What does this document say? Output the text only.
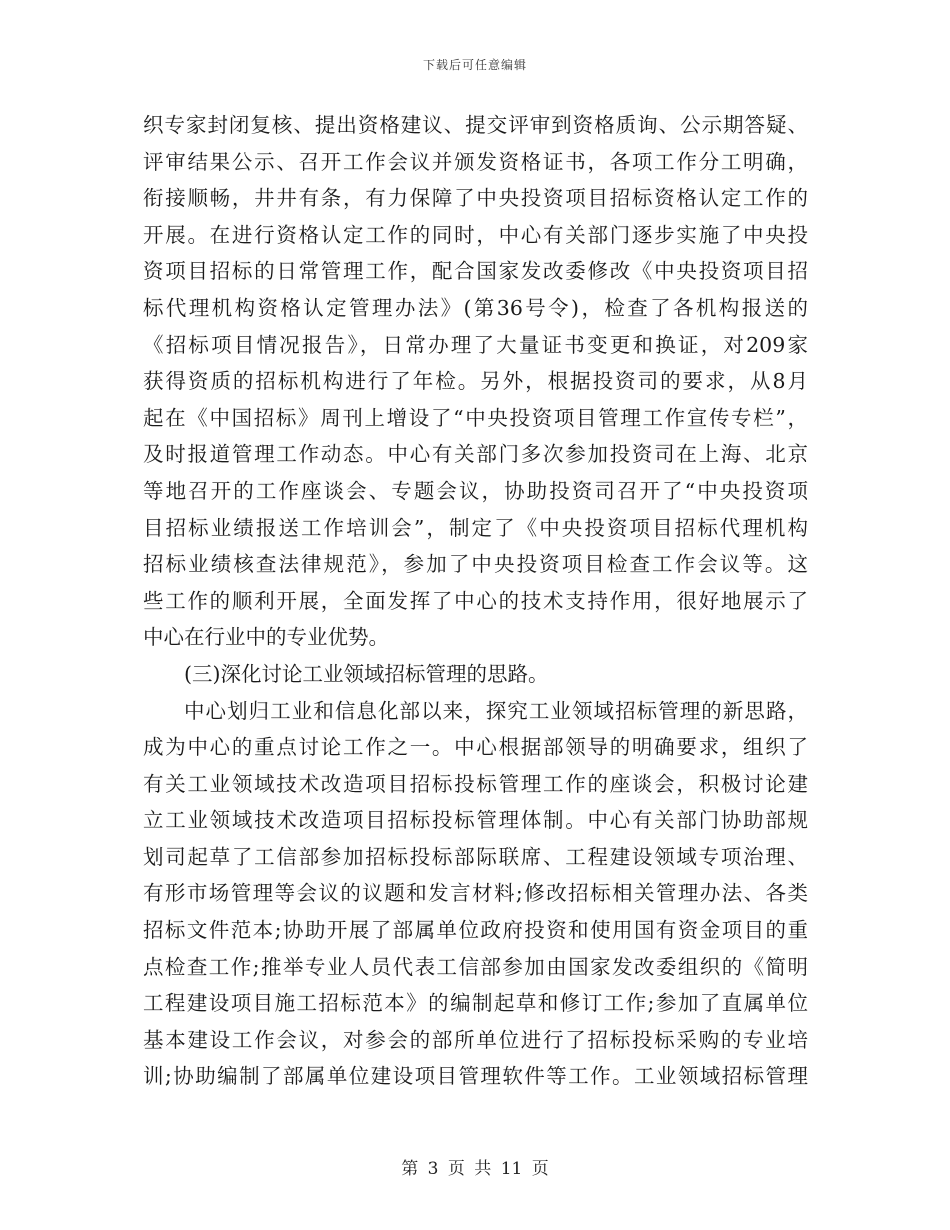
下载后可任意编辑
织专家封闭复核、提出资格建议、提交评审到资格质询、公示期答疑、
评审结果公示、召开工作会议并颁发资格证书，各项工作分工明确，
衔接顺畅，井井有条，有力保障了中央投资项目招标资格认定工作的
开展。在进行资格认定工作的同时，中心有关部门逐步实施了中央投
资项目招标的日常管理工作，配合国家发改委修改《中央投资项目招
标代理机构资格认定管理办法》(第36号令)，检查了各机构报送的
《招标项目情况报告》，日常办理了大量证书变更和换证，对209家
获得资质的招标机构进行了年检。另外，根据投资司的要求，从8月
起在《中国招标》周刊上增设了“中央投资项目管理工作宣传专栏”，
及时报道管理工作动态。中心有关部门多次参加投资司在上海、北京
等地召开的工作座谈会、专题会议，协助投资司召开了“中央投资项
目招标业绩报送工作培训会”，制定了《中央投资项目招标代理机构
招标业绩核查法律规范》，参加了中央投资项目检查工作会议等。这
些工作的顺利开展，全面发挥了中心的技术支持作用，很好地展示了
中心在行业中的专业优势。
(三)深化讨论工业领域招标管理的思路。
中心划归工业和信息化部以来，探究工业领域招标管理的新思路，
成为中心的重点讨论工作之一。中心根据部领导的明确要求，组织了
有关工业领域技术改造项目招标投标管理工作的座谈会，积极讨论建
立工业领域技术改造项目招标投标管理体制。中心有关部门协助部规
划司起草了工信部参加招标投标部际联席、工程建设领域专项治理、
有形市场管理等会议的议题和发言材料;修改招标相关管理办法、各类
招标文件范本;协助开展了部属单位政府投资和使用国有资金项目的重
点检查工作;推举专业人员代表工信部参加由国家发改委组织的《简明
工程建设项目施工招标范本》的编制起草和修订工作;参加了直属单位
基本建设工作会议，对参会的部所单位进行了招标投标采购的专业培
训;协助编制了部属单位建设项目管理软件等工作。工业领域招标管理
第 3 页 共 11 页
